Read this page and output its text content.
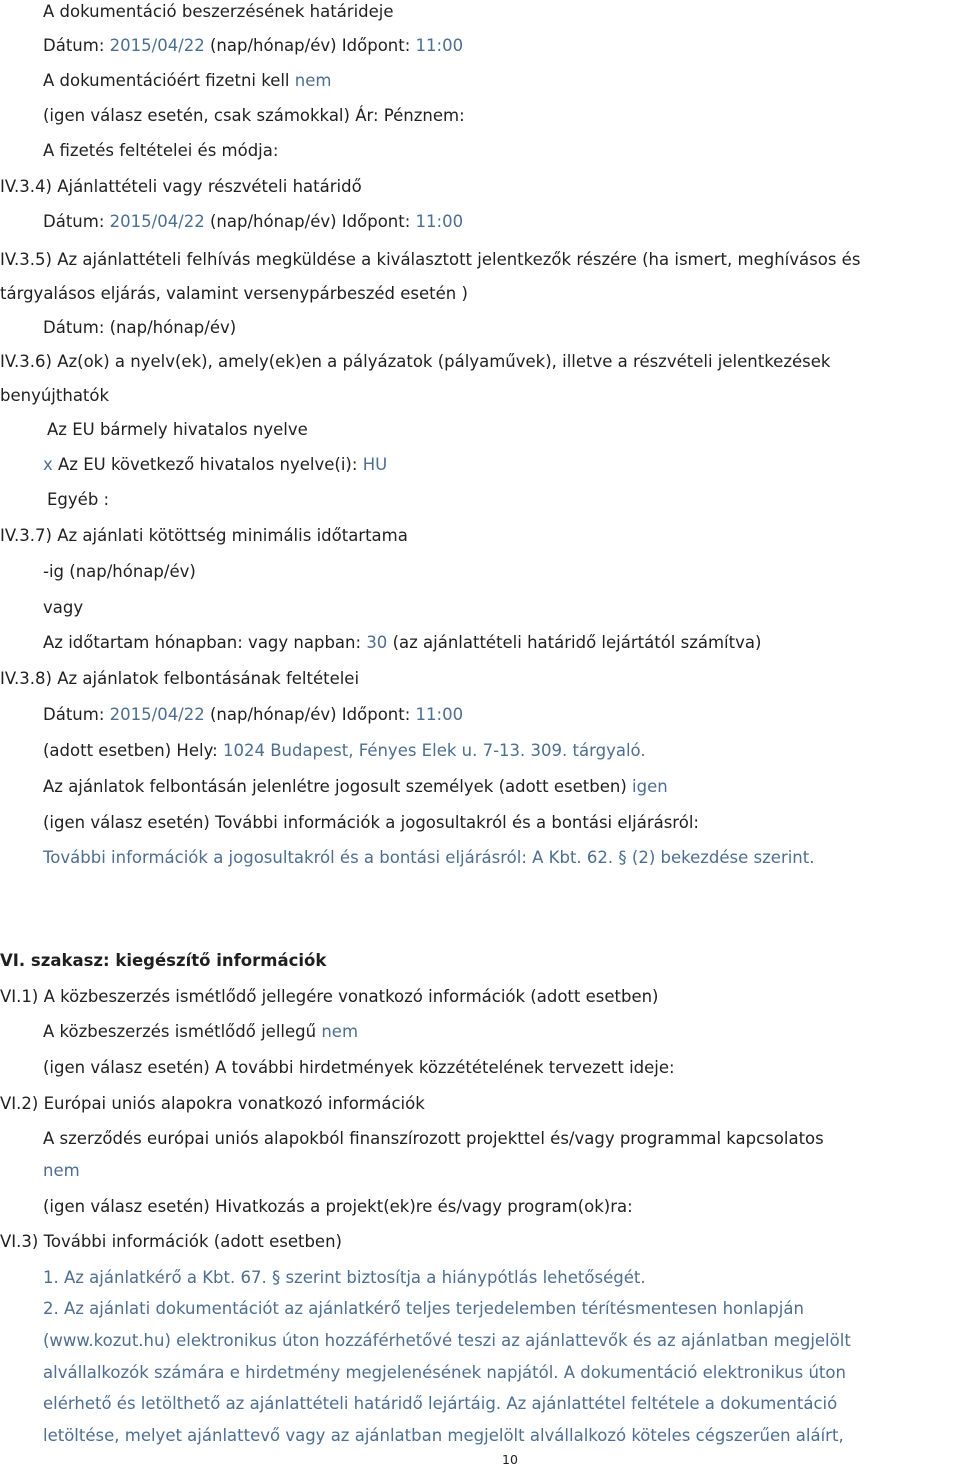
A dokumentáció beszerzésének határideje
Dátum: 2015/04/22 (nap/hónap/év) Időpont: 11:00
A dokumentációért fizetni kell nem
(igen válasz esetén, csak számokkal) Ár: Pénznem:
A fizetés feltételei és módja:
IV.3.4) Ajánlattételi vagy részvételi határidő
Dátum: 2015/04/22 (nap/hónap/év) Időpont: 11:00
IV.3.5) Az ajánlattételi felhívás megküldése a kiválasztott jelentkezők részére (ha ismert, meghívásos és
tárgyalásos eljárás, valamint versenypárbeszéd esetén )
Dátum: (nap/hónap/év)
IV.3.6) Az(ok) a nyelv(ek), amely(ek)en a pályázatok (pályaművek), illetve a részvételi jelentkezések
benyújthatók
Az EU bármely hivatalos nyelve
x Az EU következő hivatalos nyelve(i): HU
Egyéb :
IV.3.7) Az ajánlati kötöttség minimális időtartama
-ig (nap/hónap/év)
vagy
Az időtartam hónapban: vagy napban: 30 (az ajánlattételi határidő lejártától számítva)
IV.3.8) Az ajánlatok felbontásának feltételei
Dátum: 2015/04/22 (nap/hónap/év) Időpont: 11:00
(adott esetben) Hely: 1024 Budapest, Fényes Elek u. 7-13. 309. tárgyaló.
Az ajánlatok felbontásán jelenlétre jogosult személyek (adott esetben) igen
(igen válasz esetén) További információk a jogosultakról és a bontási eljárásról:
További információk a jogosultakról és a bontási eljárásról: A Kbt. 62. § (2) bekezdése szerint.
VI. szakasz: kiegészítő információk
VI.1) A közbeszerzés ismétlődő jellegére vonatkozó információk (adott esetben)
A közbeszerzés ismétlődő jellegű nem
(igen válasz esetén) A további hirdetmények közzétételének tervezett ideje:
VI.2) Európai uniós alapokra vonatkozó információk
A szerződés európai uniós alapokból finanszírozott projekttel és/vagy programmal kapcsolatos
nem
(igen válasz esetén) Hivatkozás a projekt(ek)re és/vagy program(ok)ra:
VI.3) További információk (adott esetben)
1. Az ajánlatkérő a Kbt. 67. § szerint biztosítja a hiánypótlás lehetőségét.
2. Az ajánlati dokumentációt az ajánlatkérő teljes terjedelemben térítésmentesen honlapján
(www.kozut.hu) elektronikus úton hozzáférhetővé teszi az ajánlattevők és az ajánlatban megjelölt
alvállalkozók számára e hirdetmény megjelenésének napjától. A dokumentáció elektronikus úton
elérhető és letölthető az ajánlattételi határidő lejártáig. Az ajánlattétel feltétele a dokumentáció
letöltése, melyet ajánlattevő vagy az ajánlatban megjelölt alvállalkozó köteles cégszerűen aláírt,
10
